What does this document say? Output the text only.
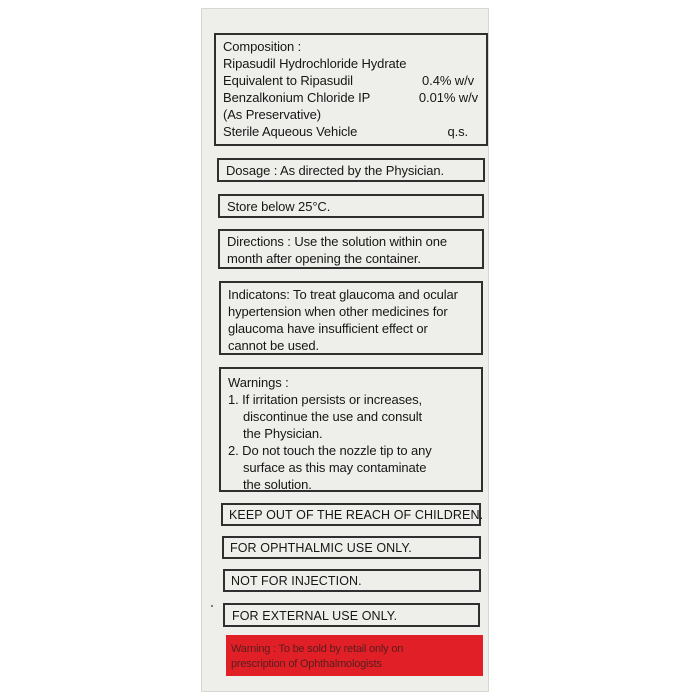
Composition :
Ripasudil Hydrochloride Hydrate
Equivalent to Ripasudil	0.4% w/v
Benzalkonium Chloride IP	0.01% w/v
(As Preservative)
Sterile Aqueous Vehicle	q.s.
Dosage : As directed by the Physician.
Store below 25°C.
Directions : Use the solution within one
month after opening the container.
Indicatons: To treat glaucoma and ocular
hypertension when other medicines for
glaucoma have insufficient effect or
cannot be used.
Warnings :
1. If irritation persists or increases,
discontinue the use and consult
the Physician.
2. Do not touch the nozzle tip to any
surface as this may contaminate
the solution.
KEEP OUT OF THE REACH OF CHILDREN.
FOR OPHTHALMIC USE ONLY.
NOT FOR INJECTION.
FOR EXTERNAL USE ONLY.
Warning : To be sold by retail only on
prescription of Ophthalmologists
